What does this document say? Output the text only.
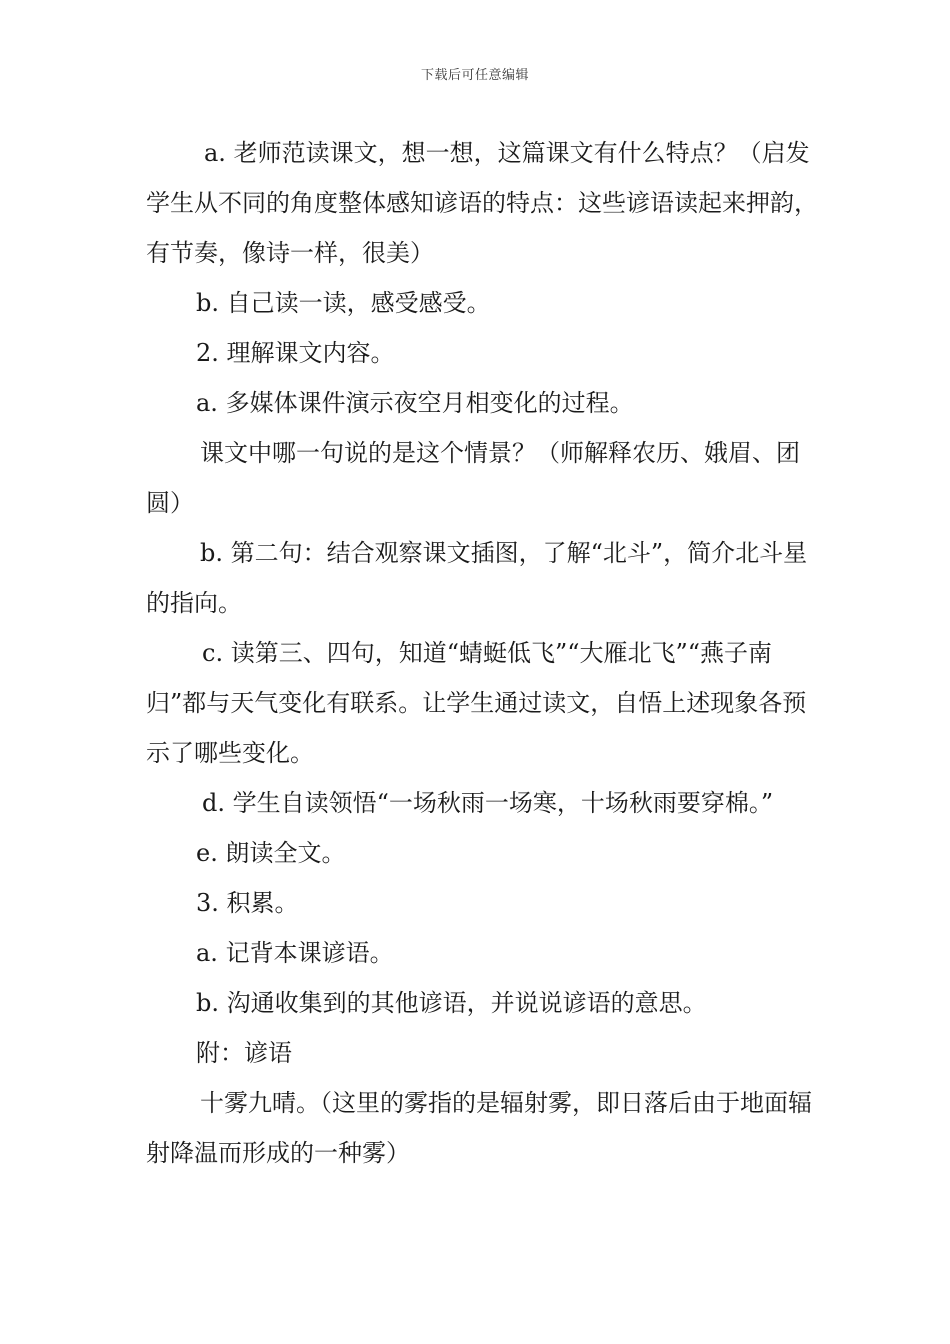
下载后可任意编辑

a. 老师范读课文，想一想，这篇课文有什么特点？（启发学生从不同的角度整体感知谚语的特点：这些谚语读起来押韵，有节奏，像诗一样，很美）

b. 自己读一读，感受感受。

2. 理解课文内容。

a. 多媒体课件演示夜空月相变化的过程。

课文中哪一句说的是这个情景？（师解释农历、娥眉、团圆）

b. 第二句：结合观察课文插图，了解“北斗”，简介北斗星的指向。

c. 读第三、四句，知道“蜻蜓低飞”“大雁北飞”“燕子南归”都与天气变化有联系。让学生通过读文，自悟上述现象各预示了哪些变化。

d. 学生自读领悟“一场秋雨一场寒，十场秋雨要穿棉。”

e. 朗读全文。

3. 积累。

a. 记背本课谚语。

b. 沟通收集到的其他谚语，并说说谚语的意思。

附：谚语

十雾九晴。（这里的雾指的是辐射雾，即日落后由于地面辐射降温而形成的一种雾）
